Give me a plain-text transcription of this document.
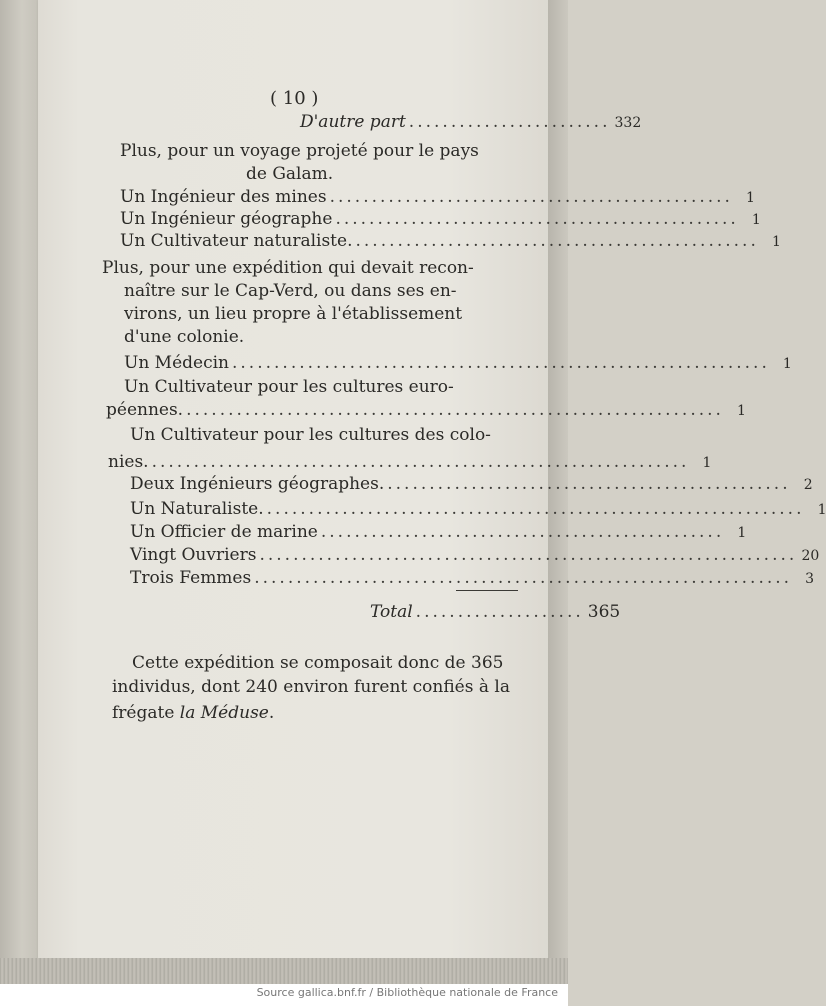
Source gallica.bnf.fr / Bibliothèque nationale de France
( 10 )
D'autre part ........................ 332
Plus, pour un voyage projeté pour le pays
de Galam.
Un Ingénieur des mines ................................................ 1
Un Ingénieur géographe ................................................ 1
Un Cultivateur naturaliste. ................................................ 1
Plus, pour une expédition qui devait recon-
naître sur le Cap-Verd, ou dans ses en-
virons, un lieu propre à l'établissement
d'une colonie.
Un Médecin ................................................................ 1
Un Cultivateur pour les cultures euro-
péennes. ................................................................ 1
Un Cultivateur pour les cultures des colo-
nies. ................................................................ 1
Deux Ingénieurs géographes. ................................................ 2
Un Naturaliste. ................................................................ 1
Un Officier de marine ................................................ 1
Vingt Ouvriers ................................................................ 20
Trois Femmes ................................................................ 3
Total .................... 365
Cette expédition se composait donc de 365
individus, dont 240 environ furent confiés à la
frégate la Méduse.
